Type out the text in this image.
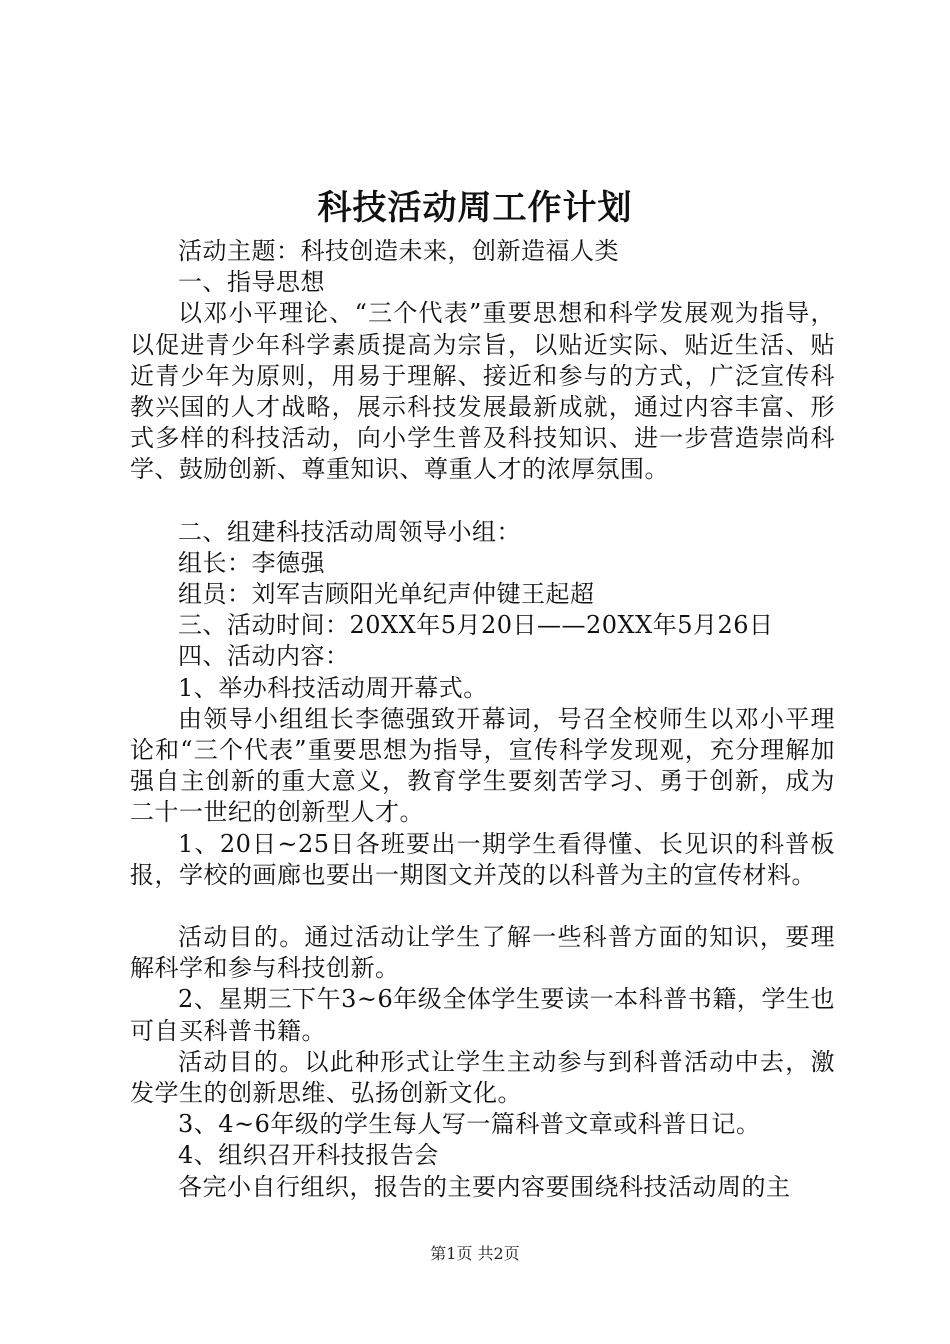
科技活动周工作计划

活动主题：科技创造未来，创新造福人类

一、指导思想

以邓小平理论、“三个代表”重要思想和科学发展观为指导，以促进青少年科学素质提高为宗旨，以贴近实际、贴近生活、贴近青少年为原则，用易于理解、接近和参与的方式，广泛宣传科教兴国的人才战略，展示科技发展最新成就，通过内容丰富、形式多样的科技活动，向小学生普及科技知识、进一步营造崇尚科学、鼓励创新、尊重知识、尊重人才的浓厚氛围。

二、组建科技活动周领导小组：

组长：李德强

组员：刘军吉顾阳光单纪声仲键王起超

三、活动时间：20XX年5月20日——20XX年5月26日

四、活动内容：

1、举办科技活动周开幕式。

由领导小组组长李德强致开幕词，号召全校师生以邓小平理论和“三个代表”重要思想为指导，宣传科学发现观，充分理解加强自主创新的重大意义，教育学生要刻苦学习、勇于创新，成为二十一世纪的创新型人才。

1、20日~25日各班要出一期学生看得懂、长见识的科普板报，学校的画廊也要出一期图文并茂的以科普为主的宣传材料。

活动目的。通过活动让学生了解一些科普方面的知识，要理解科学和参与科技创新。

2、星期三下午3~6年级全体学生要读一本科普书籍，学生也可自买科普书籍。

活动目的。以此种形式让学生主动参与到科普活动中去，激发学生的创新思维、弘扬创新文化。

3、4~6年级的学生每人写一篇科普文章或科普日记。

4、组织召开科技报告会

各完小自行组织，报告的主要内容要围绕科技活动周的主

第1页 共2页
